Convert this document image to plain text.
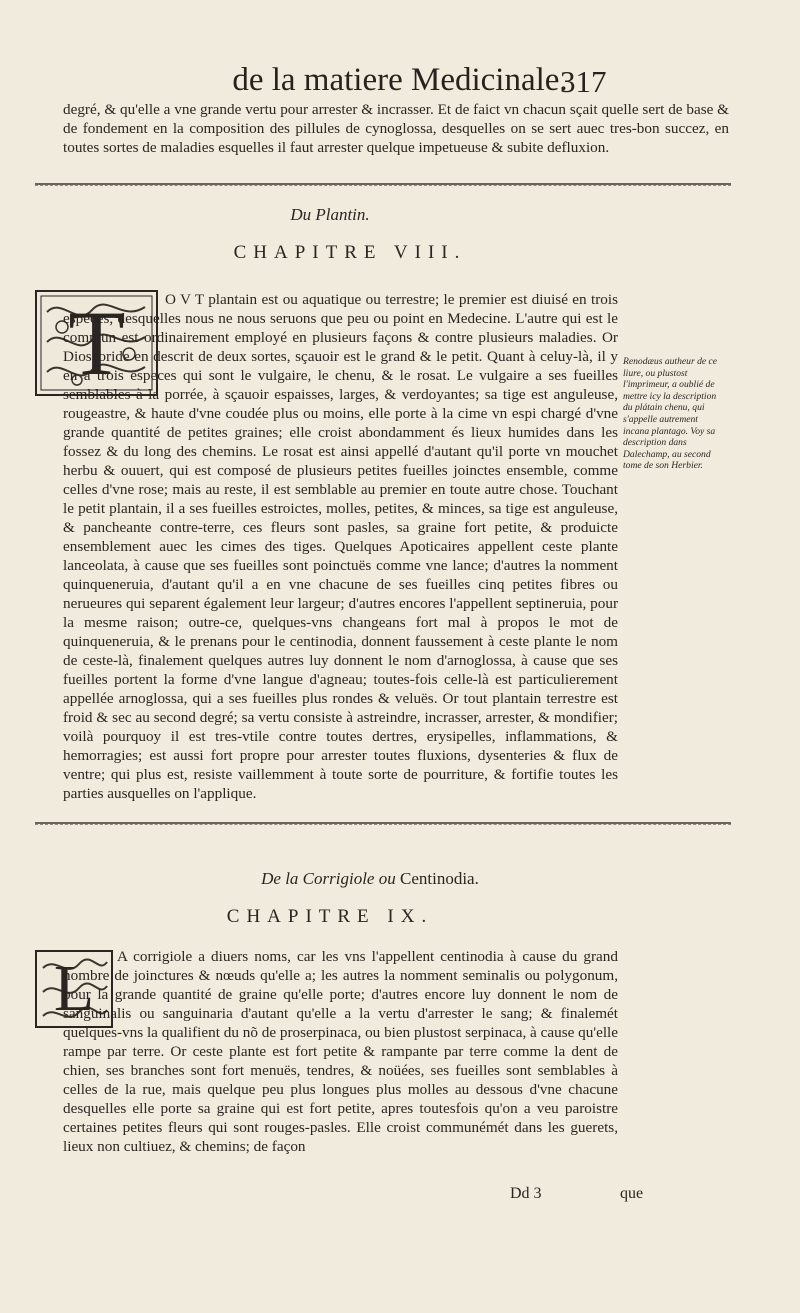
de la matiere Medicinale.
317

degré, & qu'elle a vne grande vertu pour arrester & incrasser. Et de faict vn chacun sçait quelle sert de base & de fondement en la composition des pillules de cynoglossa, desquelles on se sert auec tres-bon succez, en toutes sortes de maladies esquelles il faut arrester quelque impetueuse & subite defluxion.

Du Plantin.
CHAPITRE VIII.
T	O V T plantain est ou aquatique ou terrestre; le premier est diuisé en trois especes, desquelles nous ne nous seruons que peu ou point en Medecine. L'autre qui est le commun est ordinairement employé en plusieurs façons & contre plusieurs maladies. Or Dioscoride en descrit de deux sortes, sçauoir est le grand & le petit. Quant à celuy-là, il y en a trois especes qui sont le vulgaire, le chenu, & le rosat. Le vulgaire a ses fueilles semblables à la porrée, à sçauoir espaisses, larges, & verdoyantes; sa tige est anguleuse, rougeastre, & haute d'vne coudée plus ou moins, elle porte à la cime vn espi chargé d'vne grande quantité de petites graines; elle croist abondamment és lieux humides dans les fossez & du long des chemins. Le rosat est ainsi appellé d'autant qu'il porte vn mouchet herbu & ouuert, qui est composé de plusieurs petites fueilles joinctes ensemble, comme celles d'vne rose; mais au reste, il est semblable au premier en toute autre chose. Touchant le petit plantain, il a ses fueilles estroictes, molles, petites, & minces, sa tige est anguleuse, & pancheante contre-terre, ces fleurs sont pasles, sa graine fort petite, & produicte ensemblement auec les cimes des tiges. Quelques Apoticaires appellent ceste plante lanceolata, à cause que ses fueilles sont poinctuës comme vne lance; d'autres la nomment quinqueneruia, d'autant qu'il a en vne chacune de ses fueilles cinq petites fibres ou nerueures qui separent également leur largeur; d'autres encores l'appellent septineruia, pour la mesme raison; outre-ce, quelques-vns changeans fort mal à propos le mot de quinqueneruia, & le prenans pour le centinodia, donnent faussement à ceste plante le nom de ceste-là, finalement quelques autres luy donnent le nom d'arnoglossa, à cause que ses fueilles portent la forme d'vne langue d'agneau; toutes-fois celle-là est particulierement appellée arnoglossa, qui a ses fueilles plus rondes & veluës. Or tout plantain terrestre est froid & sec au second degré; sa vertu consiste à astreindre, incrasser, arrester, & mondifier; voilà pourquoy il est tres-vtile contre toutes dertres, erysipelles, inflammations, & hemorragies; est aussi fort propre pour arrester toutes fluxions, dysenteries & flux de ventre; qui plus est, resiste vaillemment à toute sorte de pourriture, & fortifie toutes les parties ausquelles on l'applique.

Renodæus autheur de ce liure, ou plustost l'imprimeur, a oublié de mettre icy la description du plátain chenu, qui s'appelle autrement incana plantago. Voy sa description dans Dalechamp, au second tome de son Herbier.
De la Corrigiole ou Centinodia.
CHAPITRE IX.
L	A corrigiole a diuers noms, car les vns l'appellent centinodia à cause du grand nombre de joinctures & nœuds qu'elle a; les autres la nomment seminalis ou polygonum, pour la grande quantité de graine qu'elle porte; d'autres encore luy donnent le nom de sanguinalis ou sanguinaria d'autant qu'elle a la vertu d'arrester le sang; & finalemét quelques-vns la qualifient du nõ de proserpinaca, ou bien plustost serpinaca, à cause qu'elle rampe par terre. Or ceste plante est fort petite & rampante par terre comme la dent de chien, ses branches sont fort menuës, tendres, & noüées, ses fueilles sont semblables à celles de la rue, mais quelque peu plus longues plus molles au dessous d'vne chacune desquelles elle porte sa graine qui est fort petite, apres toutesfois qu'on a veu paroistre certaines petites fleurs qui sont rouges-pasles. Elle croist communémét dans les guerets, lieux non cultiuez, & chemins; de façon

Dd 3	que
